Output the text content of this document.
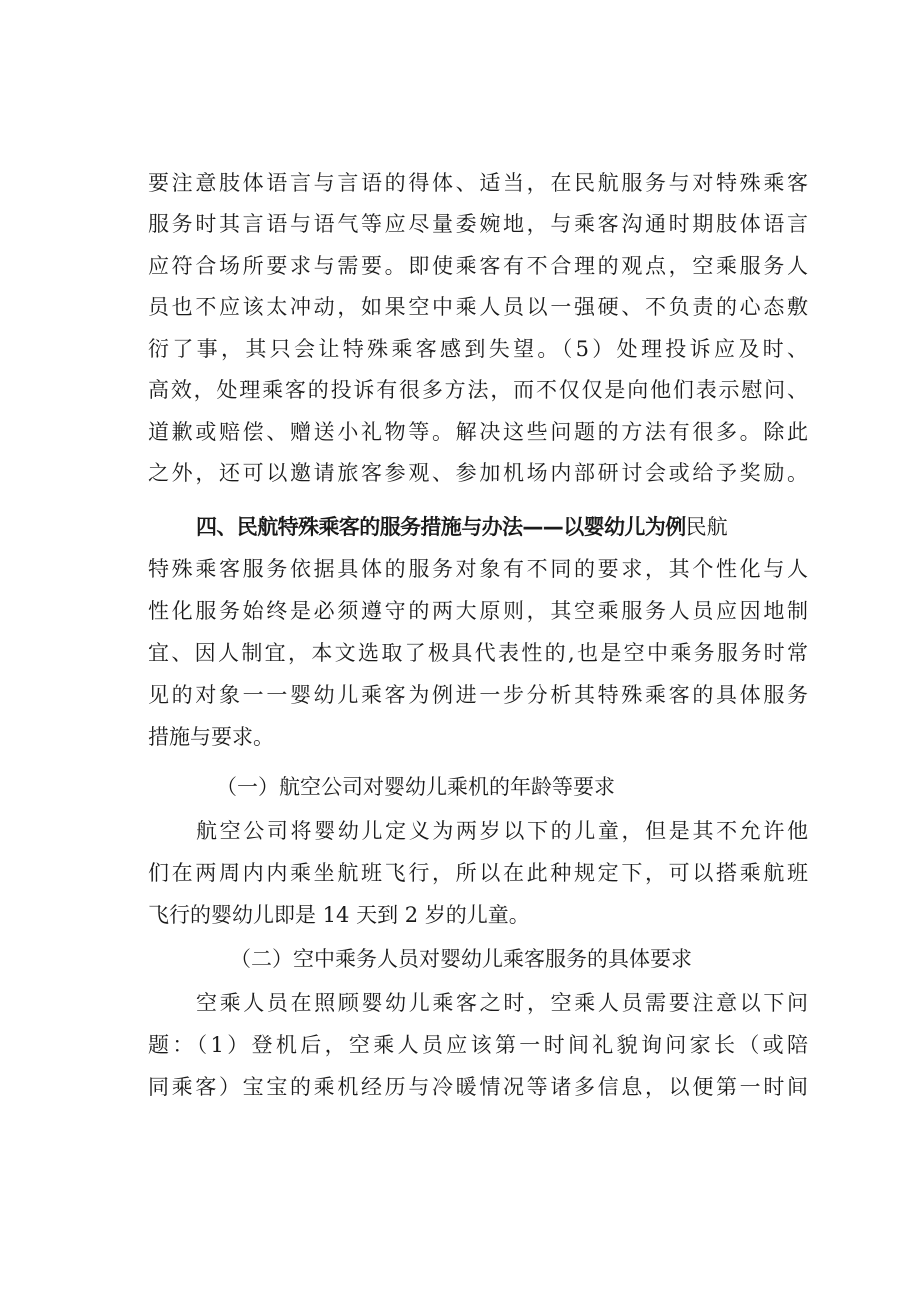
要注意肢体语言与言语的得体、适当，在民航服务与对特殊乘客
服务时其言语与语气等应尽量委婉地，与乘客沟通时期肢体语言
应符合场所要求与需要。即使乘客有不合理的观点，空乘服务人
员也不应该太冲动，如果空中乘人员以一强硬、不负责的心态敷
衍了事，其只会让特殊乘客感到失望。（5）处理投诉应及时、
高效，处理乘客的投诉有很多方法，而不仅仅是向他们表示慰问、
道歉或赔偿、赠送小礼物等。解决这些问题的方法有很多。除此
之外，还可以邀请旅客参观、参加机场内部研讨会或给予奖励。
四、民航特殊乘客的服务措施与办法——以婴幼儿为例民航
特殊乘客服务依据具体的服务对象有不同的要求，其个性化与人
性化服务始终是必须遵守的两大原则，其空乘服务人员应因地制
宜、因人制宜，本文选取了极具代表性的,也是空中乘务服务时常
见的对象一一婴幼儿乘客为例进一步分析其特殊乘客的具体服务
措施与要求。
（一）航空公司对婴幼儿乘机的年龄等要求
航空公司将婴幼儿定义为两岁以下的儿童，但是其不允许他
们在两周内内乘坐航班飞行，所以在此种规定下，可以搭乘航班
飞行的婴幼儿即是 14 天到 2 岁的儿童。
（二）空中乘务人员对婴幼儿乘客服务的具体要求
空乘人员在照顾婴幼儿乘客之时，空乘人员需要注意以下问
题：（1）登机后，空乘人员应该第一时间礼貌询问家长（或陪
同乘客）宝宝的乘机经历与冷暖情况等诸多信息，以便第一时间
